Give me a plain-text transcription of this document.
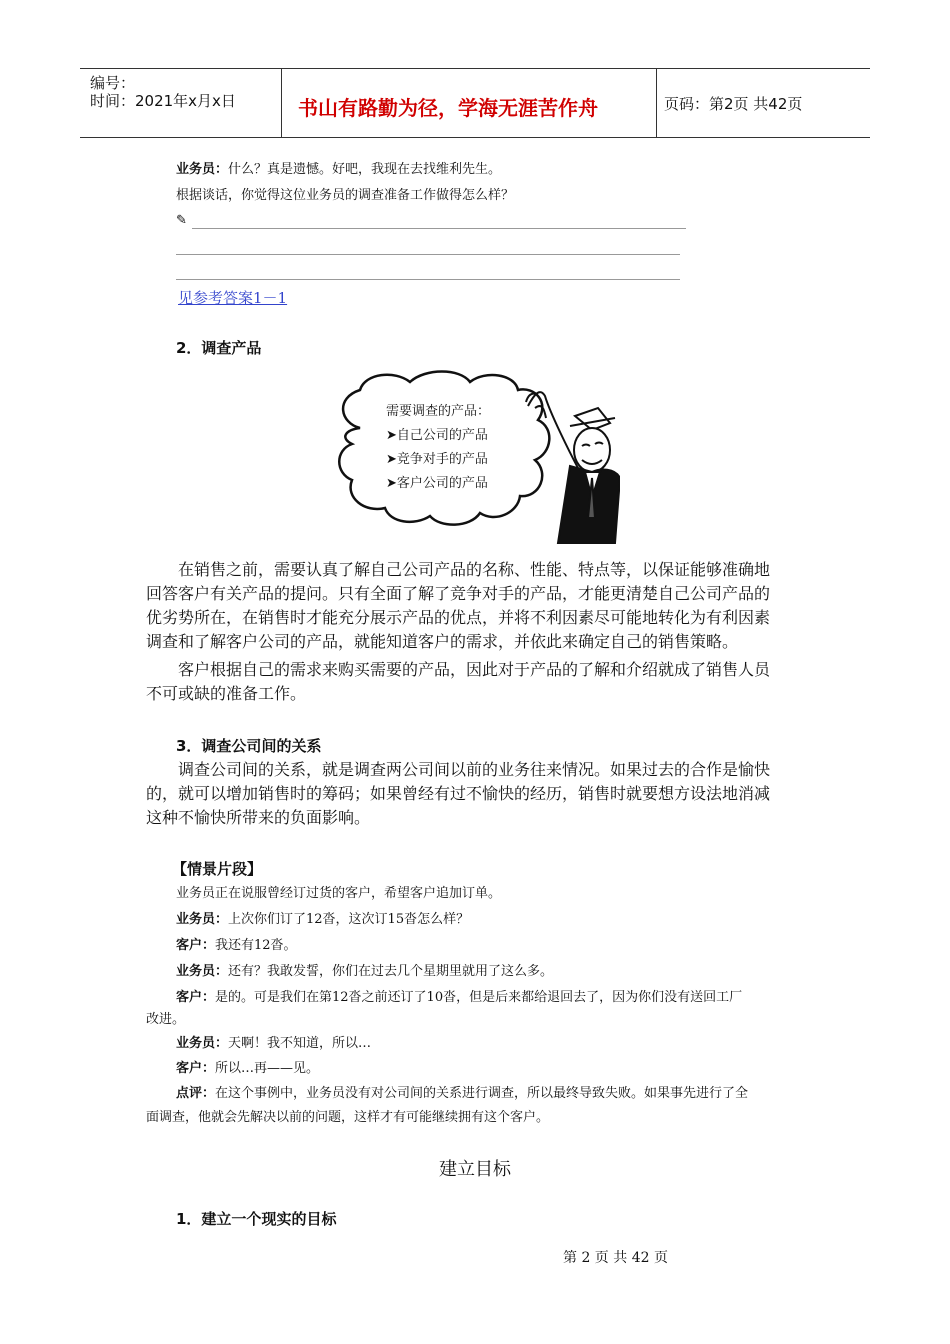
编号：
时间：2021年x月x日	书山有路勤为径，学海无涯苦作舟	页码：第2页 共42页
业务员：什么？真是遗憾。好吧，我现在去找维利先生。
根据谈话，你觉得这位业务员的调查准备工作做得怎么样？
✎
见参考答案1－1
2．调查产品
需要调查的产品：
➤自己公司的产品
➤竞争对手的产品
➤客户公司的产品

在销售之前，需要认真了解自己公司产品的名称、性能、特点等，以保证能够准确地

回答客户有关产品的提问。只有全面了解了竞争对手的产品，才能更清楚自己公司产品的

优劣势所在，在销售时才能充分展示产品的优点，并将不利因素尽可能地转化为有利因素

调查和了解客户公司的产品，就能知道客户的需求，并依此来确定自己的销售策略。

客户根据自己的需求来购买需要的产品，因此对于产品的了解和介绍就成了销售人员

不可或缺的准备工作。

3．调查公司间的关系

调查公司间的关系，就是调查两公司间以前的业务往来情况。如果过去的合作是愉快

的，就可以增加销售时的筹码；如果曾经有过不愉快的经历，销售时就要想方设法地消减

这种不愉快所带来的负面影响。

【情景片段】
业务员正在说服曾经订过货的客户，希望客户追加订单。
业务员：上次你们订了12沓，这次订15沓怎么样？
客户：我还有12沓。
业务员：还有？我敢发誓，你们在过去几个星期里就用了这么多。
客户：是的。可是我们在第12沓之前还订了10沓，但是后来都给退回去了，因为你们没有送回工厂
改进。
业务员：天啊！我不知道，所以…
客户：所以…再——见。
点评：在这个事例中，业务员没有对公司间的关系进行调查，所以最终导致失败。如果事先进行了全
面调查，他就会先解决以前的问题，这样才有可能继续拥有这个客户。
建立目标
1．建立一个现实的目标
第 2 页 共 42 页
